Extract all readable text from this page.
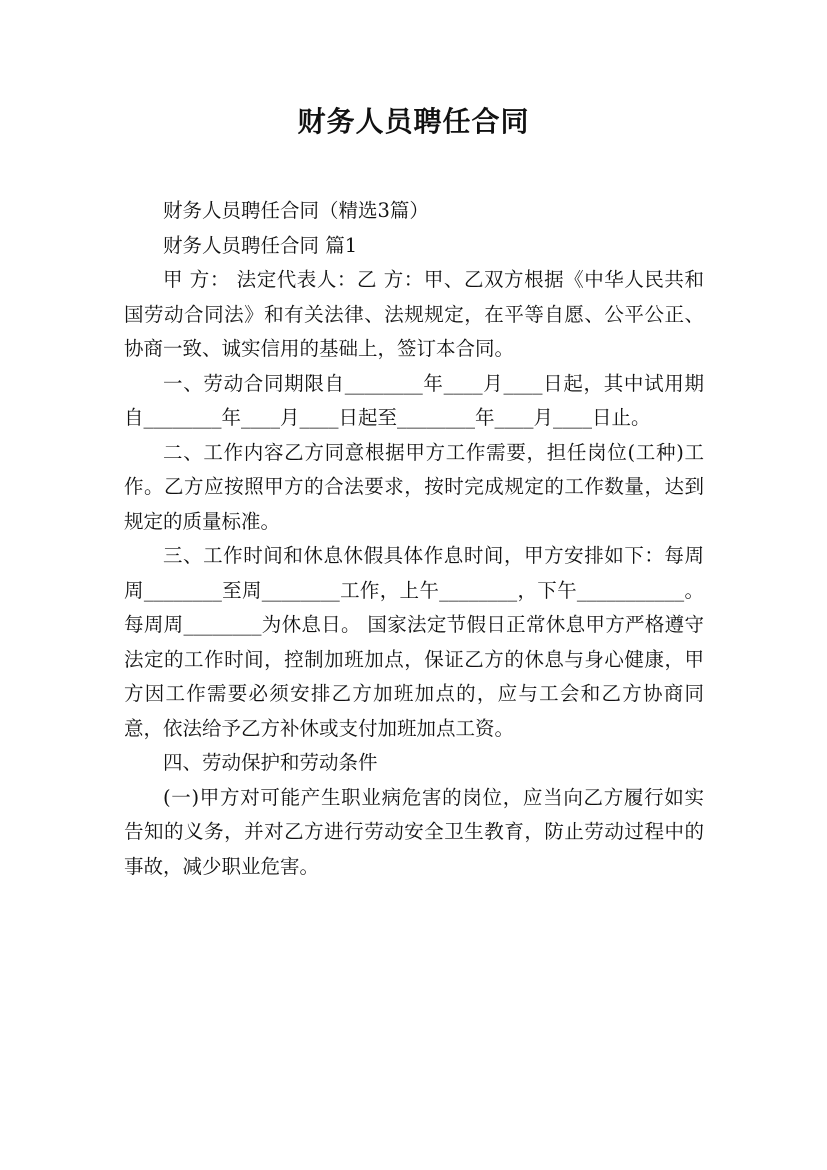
财务人员聘任合同

财务人员聘任合同（精选3篇）

财务人员聘任合同 篇1

甲 方： 法定代表人：乙 方：甲、乙双方根据《中华人民共和国劳动合同法》和有关法律、法规规定，在平等自愿、公平公正、协商一致、诚实信用的基础上，签订本合同。

一、劳动合同期限自________年____月____日起，其中试用期自________年____月____日起至________年____月____日止。

二、工作内容乙方同意根据甲方工作需要，担任岗位(工种)工作。乙方应按照甲方的合法要求，按时完成规定的工作数量，达到规定的质量标准。

三、工作时间和休息休假具体作息时间，甲方安排如下：每周周________至周________工作，上午________，下午___________。 每周周________为休息日。 国家法定节假日正常休息甲方严格遵守法定的工作时间，控制加班加点，保证乙方的休息与身心健康，甲方因工作需要必须安排乙方加班加点的，应与工会和乙方协商同意，依法给予乙方补休或支付加班加点工资。

四、劳动保护和劳动条件

(一)甲方对可能产生职业病危害的岗位，应当向乙方履行如实告知的义务，并对乙方进行劳动安全卫生教育，防止劳动过程中的事故，减少职业危害。
